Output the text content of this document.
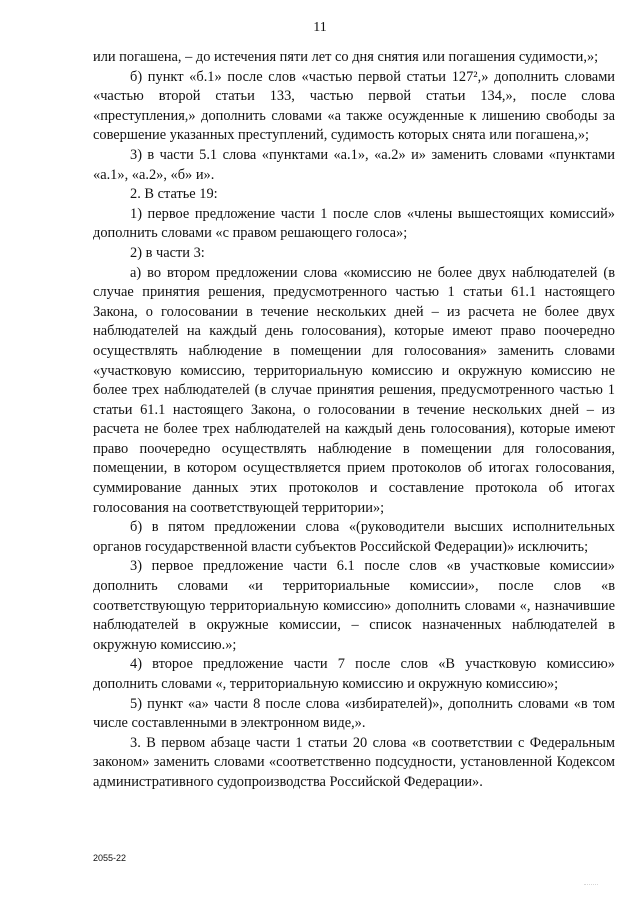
11

или погашена, – до истечения пяти лет со дня снятия или погашения судимости,»;

б) пункт «б.1» после слов «частью первой статьи 127²,» дополнить словами «частью второй статьи 133, частью первой статьи 134,», после слова «преступления,» дополнить словами «а также осужденные к лишению свободы за совершение указанных преступлений, судимость которых снята или погашена,»;

3) в части 5.1 слова «пунктами «а.1», «а.2» и» заменить словами «пунктами «а.1», «а.2», «б» и».

2. В статье 19:

1) первое предложение части 1 после слов «члены вышестоящих комиссий» дополнить словами «с правом решающего голоса»;

2) в части 3:

а) во втором предложении слова «комиссию не более двух наблюдателей (в случае принятия решения, предусмотренного частью 1 статьи 61.1 настоящего Закона, о голосовании в течение нескольких дней – из расчета не более двух наблюдателей на каждый день голосования), которые имеют право поочередно осуществлять наблюдение в помещении для голосования» заменить словами «участковую комиссию, территориальную комиссию и окружную комиссию не более трех наблюдателей (в случае принятия решения, предусмотренного частью 1 статьи 61.1 настоящего Закона, о голосовании в течение нескольких дней – из расчета не более трех наблюдателей на каждый день голосования), которые имеют право поочередно осуществлять наблюдение в помещении для голосования, помещении, в котором осуществляется прием протоколов об итогах голосования, суммирование данных этих протоколов и составление протокола об итогах голосования на соответствующей территории»;

б) в пятом предложении слова «(руководители высших исполнительных органов государственной власти субъектов Российской Федерации)» исключить;

3) первое предложение части 6.1 после слов «в участковые комиссии» дополнить словами «и территориальные комиссии», после слов «в соответствующую территориальную комиссию» дополнить словами «, назначившие наблюдателей в окружные комиссии, – список назначенных наблюдателей в окружную комиссию.»;

4) второе предложение части 7 после слов «В участковую комиссию» дополнить словами «, территориальную комиссию и окружную комиссию»;

5) пункт «а» части 8 после слова «избирателей)», дополнить словами «в том числе составленными в электронном виде,».

3. В первом абзаце части 1 статьи 20 слова «в соответствии с Федеральным законом» заменить словами «соответственно подсудности, установленной Кодексом административного судопроизводства Российской Федерации».

2055-22
